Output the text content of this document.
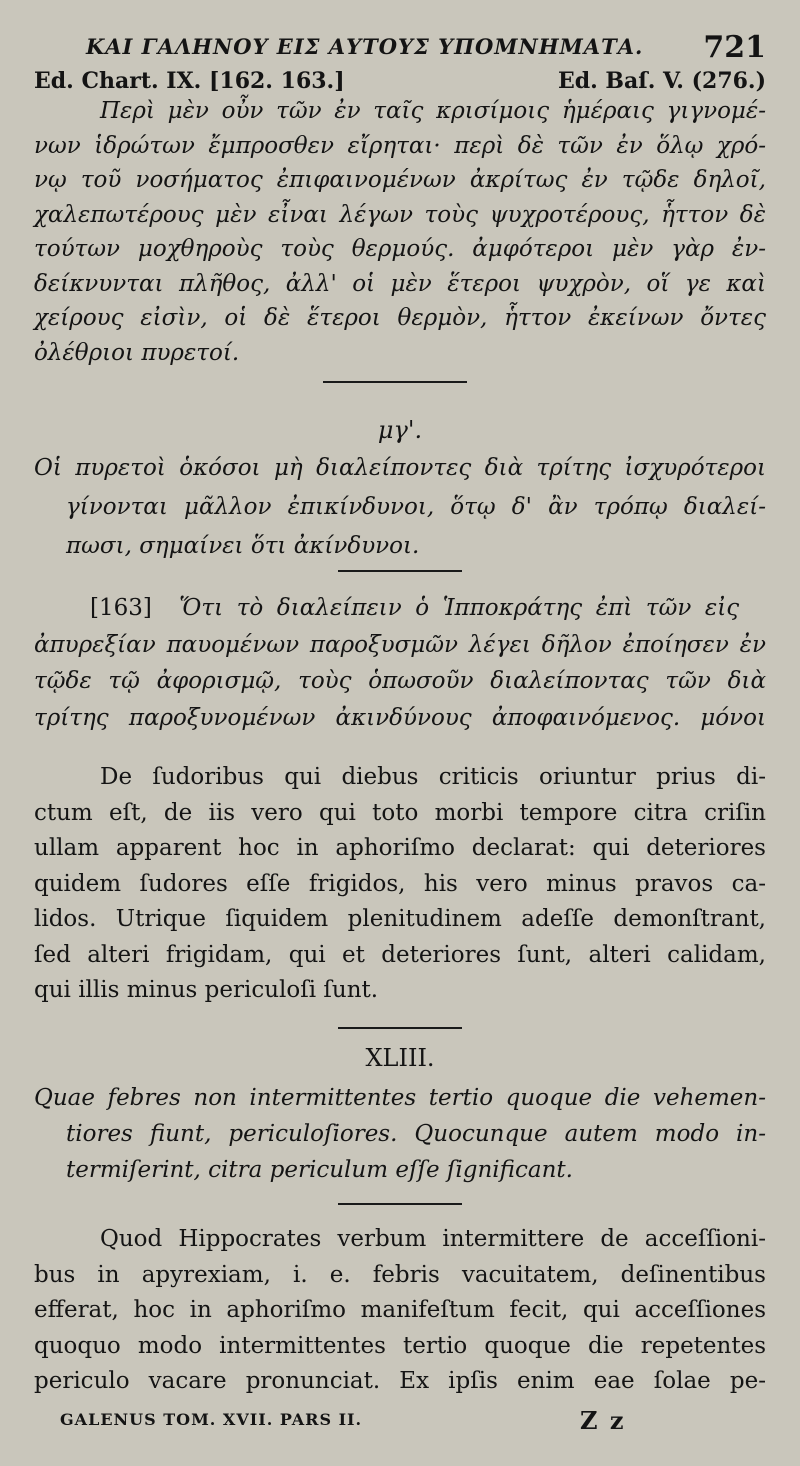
ΚΑΙ ΓΑΛΗΝΟΥ ΕΙΣ ΑΥΤΟΥΣ ΥΠΟΜΝΗΜΑΤΑ. 721
Ed. Chart. IX. [162. 163.]	Ed. Baſ. V. (276.)
Περὶ μὲν οὖν τῶν ἐν ταῖς κρισίμοις ἡμέραις γιγνομέ-
νων ἱδρώτων ἔμπροσθεν εἴρηται· περὶ δὲ τῶν ἐν ὅλῳ χρό-
νῳ τοῦ νοσήματος ἐπιφαινομένων ἀκρίτως ἐν τῷδε δηλοῖ,
χαλεπωτέρους μὲν εἶναι λέγων τοὺς ψυχροτέρους, ἧττον δὲ
τούτων μοχθηροὺς τοὺς θερμούς. ἀμφότεροι μὲν γὰρ ἐν-
δείκνυνται πλῆθος, ἀλλ' οἱ μὲν ἕτεροι ψυχρὸν, οἵ γε καὶ
χείρους εἰσὶν, οἱ δὲ ἕτεροι θερμὸν, ἧττον ἐκείνων ὄντες
ὀλέθριοι πυρετοί.
μγ'.
Οἱ πυρετοὶ ὁκόσοι μὴ διαλείποντες διὰ τρίτης ἰσχυρότεροι
γίνονται μᾶλλον ἐπικίνδυνοι, ὅτῳ δ' ἂν τρόπῳ διαλεί-
πωσι, σημαίνει ὅτι ἀκίνδυνοι.
[163] Ὅτι τὸ διαλείπειν ὁ Ἱπποκράτης ἐπὶ τῶν εἰς
ἀπυρεξίαν παυομένων παροξυσμῶν λέγει δῆλον ἐποίησεν ἐν
τῷδε τῷ ἀφορισμῷ, τοὺς ὁπωσοῦν διαλείποντας τῶν διὰ
τρίτης παροξυνομένων ἀκινδύνους ἀποφαινόμενος. μόνοι
De ſudoribus qui diebus criticis oriuntur prius di-
ctum eſt, de iis vero qui toto morbi tempore citra criſin
ullam apparent hoc in aphoriſmo declarat: qui deteriores
quidem ſudores eſſe frigidos, his vero minus pravos ca-
lidos. Utrique ſiquidem plenitudinem adeſſe demonſtrant,
ſed alteri frigidam, qui et deteriores ſunt, alteri calidam,
qui illis minus periculoſi ſunt.
XLIII.
Quae febres non intermittentes tertio quoque die vehemen-
tiores fiunt, periculoſiores. Quocunque autem modo in-
termiſerint, citra periculum eſſe ſignificant.
Quod Hippocrates verbum intermittere de acceſſioni-
bus in apyrexiam, i. e. febris vacuitatem, deſinentibus
efferat, hoc in aphoriſmo manifeſtum fecit, qui acceſſiones
quoquo modo intermittentes tertio quoque die repetentes
periculo vacare pronunciat. Ex ipſis enim eae ſolae pe-
GALENUS TOM. XVII. PARS II.	Z z
